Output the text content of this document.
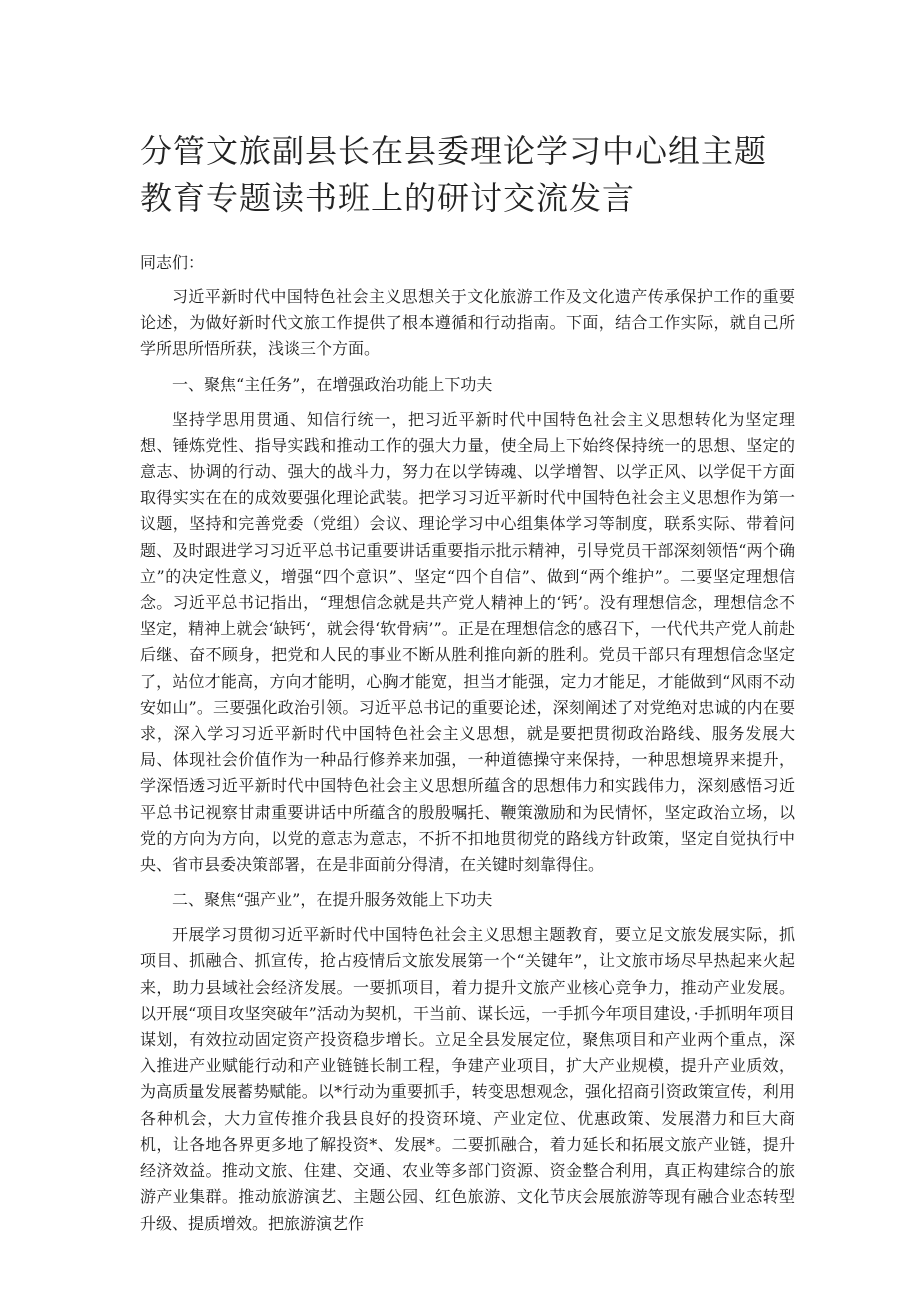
分管文旅副县长在县委理论学习中心组主题教育专题读书班上的研讨交流发言

同志们：

习近平新时代中国特色社会主义思想关于文化旅游工作及文化遗产传承保护工作的重要论述，为做好新时代文旅工作提供了根本遵循和行动指南。下面，结合工作实际，就自己所学所思所悟所获，浅谈三个方面。

一、聚焦“主任务”，在增强政治功能上下功夫

坚持学思用贯通、知信行统一，把习近平新时代中国特色社会主义思想转化为坚定理想、锤炼党性、指导实践和推动工作的强大力量，使全局上下始终保持统一的思想、坚定的意志、协调的行动、强大的战斗力，努力在以学铸魂、以学增智、以学正风、以学促干方面取得实实在在的成效要强化理论武装。把学习习近平新时代中国特色社会主义思想作为第一议题，坚持和完善党委（党组）会议、理论学习中心组集体学习等制度，联系实际、带着问题、及时跟进学习习近平总书记重要讲话重要指示批示精神，引导党员干部深刻领悟“两个确立”的决定性意义，增强“四个意识”、坚定“四个自信”、做到“两个维护”。二要坚定理想信念。习近平总书记指出，“理想信念就是共产党人精神上的‘钙’。没有理想信念，理想信念不坚定，精神上就会‘缺钙‘，就会得‘软骨病’”。正是在理想信念的感召下，一代代共产党人前赴后继、奋不顾身，把党和人民的事业不断从胜利推向新的胜利。党员干部只有理想信念坚定了，站位才能高，方向才能明，心胸才能宽，担当才能强，定力才能足，才能做到“风雨不动安如山”。三要强化政治引领。习近平总书记的重要论述，深刻阐述了对党绝对忠诚的内在要求，深入学习习近平新时代中国特色社会主义思想，就是要把贯彻政治路线、服务发展大局、体现社会价值作为一种品行修养来加强，一种道德操守来保持，一种思想境界来提升，学深悟透习近平新时代中国特色社会主义思想所蕴含的思想伟力和实践伟力，深刻感悟习近平总书记视察甘肃重要讲话中所蕴含的殷殷嘱托、鞭策激励和为民情怀，坚定政治立场，以党的方向为方向，以党的意志为意志，不折不扣地贯彻党的路线方针政策，坚定自觉执行中央、省市县委决策部署，在是非面前分得清，在关键时刻靠得住。

二、聚焦“强产业”，在提升服务效能上下功夫

开展学习贯彻习近平新时代中国特色社会主义思想主题教育，要立足文旅发展实际，抓项目、抓融合、抓宣传，抢占疫情后文旅发展第一个“关键年”，让文旅市场尽早热起来火起来，助力县域社会经济发展。一要抓项目，着力提升文旅产业核心竞争力，推动产业发展。以开展“项目攻坚突破年”活动为契机，干当前、谋长远，一手抓今年项目建设，·手抓明年项目谋划，有效拉动固定资产投资稳步增长。立足全县发展定位，聚焦项目和产业两个重点，深入推进产业赋能行动和产业链链长制工程，争建产业项目，扩大产业规模，提升产业质效，为高质量发展蓄势赋能。以*行动为重要抓手，转变思想观念，强化招商引资政策宣传，利用各种机会，大力宣传推介我县良好的投资环境、产业定位、优惠政策、发展潜力和巨大商机，让各地各界更多地了解投资*、发展*。二要抓融合，着力延长和拓展文旅产业链，提升经济效益。推动文旅、住建、交通、农业等多部门资源、资金整合利用，真正构建综合的旅游产业集群。推动旅游演艺、主题公园、红色旅游、文化节庆会展旅游等现有融合业态转型升级、提质增效。把旅游演艺作
